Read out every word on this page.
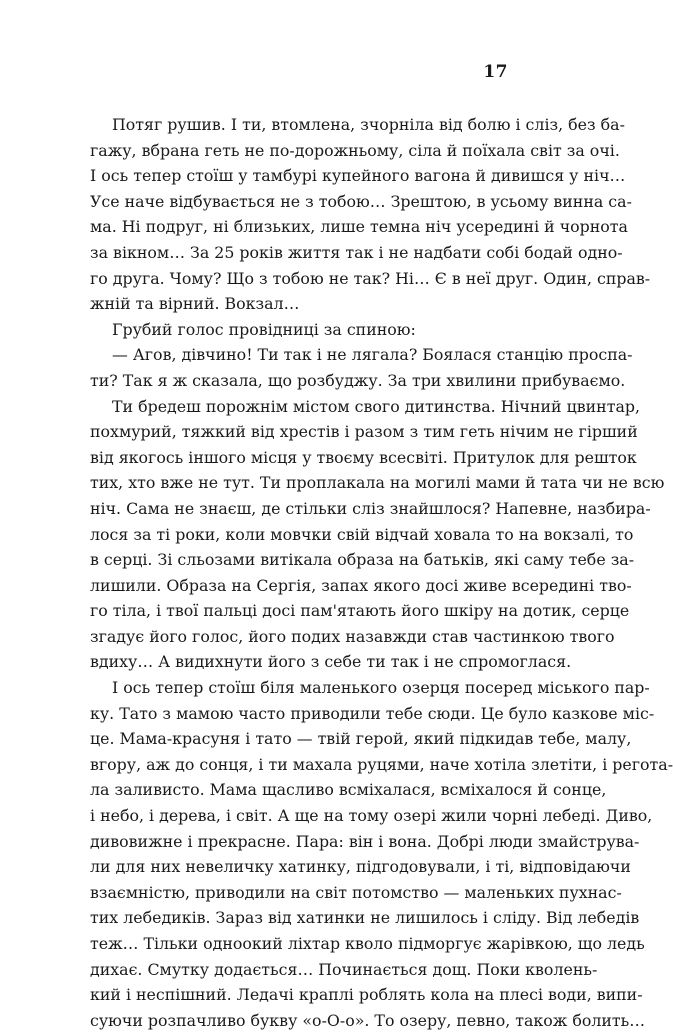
17
Потяг рушив. І ти, втомлена, зчорніла від болю і сліз, без ба-
гажу, вбрана геть не по-дорожньому, сіла й поїхала світ за очі.
І ось тепер стоїш у тамбурі купейного вагона й дивишся у ніч…
Усе наче відбувається не з тобою… Зрештою, в усьому винна са-
ма. Ні подруг, ні близьких, лише темна ніч усередині й чорнота
за вікном… За 25 років життя так і не надбати собі бодай одно-
го друга. Чому? Що з тобою не так? Ні… Є в неї друг. Один, справ-
жній та вірний. Вокзал…
Грубий голос провідниці за спиною:
— Агов, дівчино! Ти так і не лягала? Боялася станцію проспа-
ти? Так я ж сказала, що розбуджу. За три хвилини прибуваємо.
Ти бредеш порожнім містом свого дитинства. Нічний цвинтар,
похмурий, тяжкий від хрестів і разом з тим геть нічим не гірший
від якогось іншого місця у твоєму всесвіті. Притулок для решток
тих, хто вже не тут. Ти проплакала на могилі мами й тата чи не всю
ніч. Сама не знаєш, де стільки сліз знайшлося? Напевне, назбира-
лося за ті роки, коли мовчки свій відчай ховала то на вокзалі, то
в серці. Зі сльозами витікала образа на батьків, які саму тебе за-
лишили. Образа на Сергія, запах якого досі живе всередині тво-
го тіла, і твої пальці досі пам'ятають його шкіру на дотик, серце
згадує його голос, його подих назавжди став частинкою твого
вдиху… А видихнути його з себе ти так і не спромоглася.
І ось тепер стоїш біля маленького озерця посеред міського пар-
ку. Тато з мамою часто приводили тебе сюди. Це було казкове міс-
це. Мама-красуня і тато — твій герой, який підкидав тебе, малу,
вгору, аж до сонця, і ти махала руцями, наче хотіла злетіти, і регота-
ла заливисто. Мама щасливо всміхалася, всміхалося й сонце,
і небо, і дерева, і світ. А ще на тому озері жили чорні лебеді. Диво,
дивовижне і прекрасне. Пара: він і вона. Добрі люди змайструва-
ли для них невеличку хатинку, підгодовували, і ті, відповідаючи
взаємністю, приводили на світ потомство — маленьких пухнас-
тих лебедиків. Зараз від хатинки не лишилось і сліду. Від лебедів
теж… Тільки одноокий ліхтар кволо підморгує жарівкою, що ледь
дихає. Смутку додається… Починається дощ. Поки кволень-
кий і неспішний. Ледачі краплі роблять кола на плесі води, випи-
суючи розпачливо букву «о-О-о». То озеру, певно, також болить…
